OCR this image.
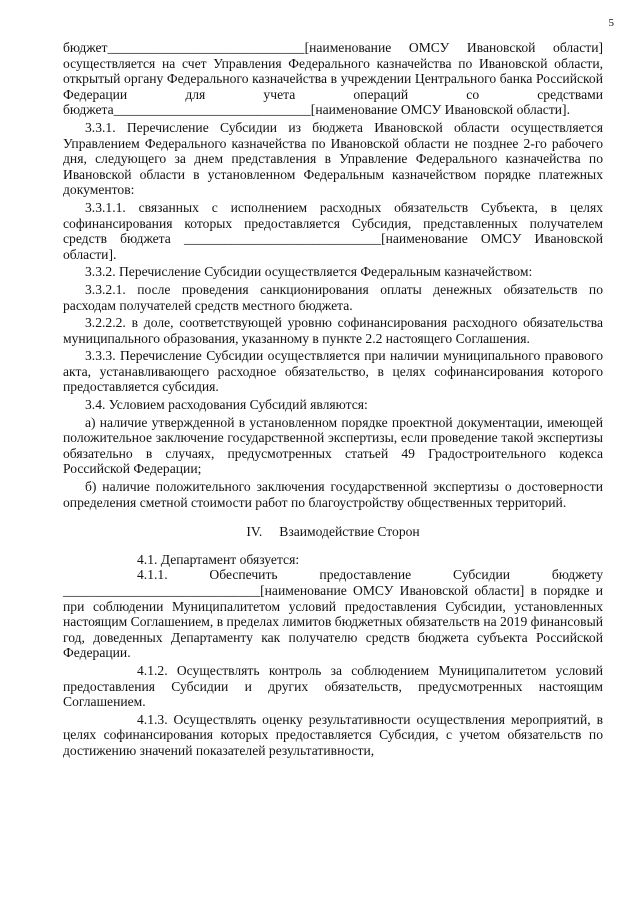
5

бюджет_____________________________[наименование ОМСУ Ивановской области] осуществляется на счет Управления Федерального казначейства по Ивановской области, открытый органу Федерального казначейства в учреждении Центрального банка Российской Федерации для учета операций со средствами бюджета_____________________________[наименование ОМСУ Ивановской области].

3.3.1. Перечисление Субсидии из бюджета Ивановской области осуществляется Управлением Федерального казначейства по Ивановской области не позднее 2-го рабочего дня, следующего за днем представления в Управление Федерального казначейства по Ивановской области в установленном Федеральным казначейством порядке платежных документов:

3.3.1.1. связанных с исполнением расходных обязательств Субъекта, в целях софинансирования которых предоставляется Субсидия, представленных получателем средств бюджета _____________________________[наименование ОМСУ Ивановской области].

3.3.2. Перечисление Субсидии осуществляется Федеральным казначейством:

3.3.2.1. после проведения санкционирования оплаты денежных обязательств по расходам получателей средств местного бюджета.

3.2.2.2. в доле, соответствующей уровню софинансирования расходного обязательства муниципального образования, указанному в пункте 2.2 настоящего Соглашения.

3.3.3. Перечисление Субсидии осуществляется при наличии муниципального правового акта, устанавливающего расходное обязательство, в целях софинансирования которого предоставляется субсидия.

3.4. Условием расходования Субсидий являются:

а) наличие утвержденной в установленном порядке проектной документации, имеющей положительное заключение государственной экспертизы, если проведение такой экспертизы обязательно в случаях, предусмотренных статьей 49 Градостроительного кодекса Российской Федерации;

б) наличие положительного заключения государственной экспертизы о достоверности определения сметной стоимости работ по благоустройству общественных территорий.

IV.     Взаимодействие Сторон

4.1. Департамент обязуется:

4.1.1. Обеспечить предоставление Субсидии бюджету _____________________________[наименование ОМСУ Ивановской области] в порядке и при соблюдении Муниципалитетом условий предоставления Субсидии, установленных настоящим Соглашением, в пределах лимитов бюджетных обязательств на 2019 финансовый год, доведенных Департаменту как получателю средств бюджета субъекта Российской Федерации.

4.1.2. Осуществлять контроль за соблюдением Муниципалитетом условий предоставления Субсидии и других обязательств, предусмотренных настоящим Соглашением.

4.1.3. Осуществлять оценку результативности осуществления мероприятий, в целях софинансирования которых предоставляется Субсидия, с учетом обязательств по достижению значений показателей результативности,
